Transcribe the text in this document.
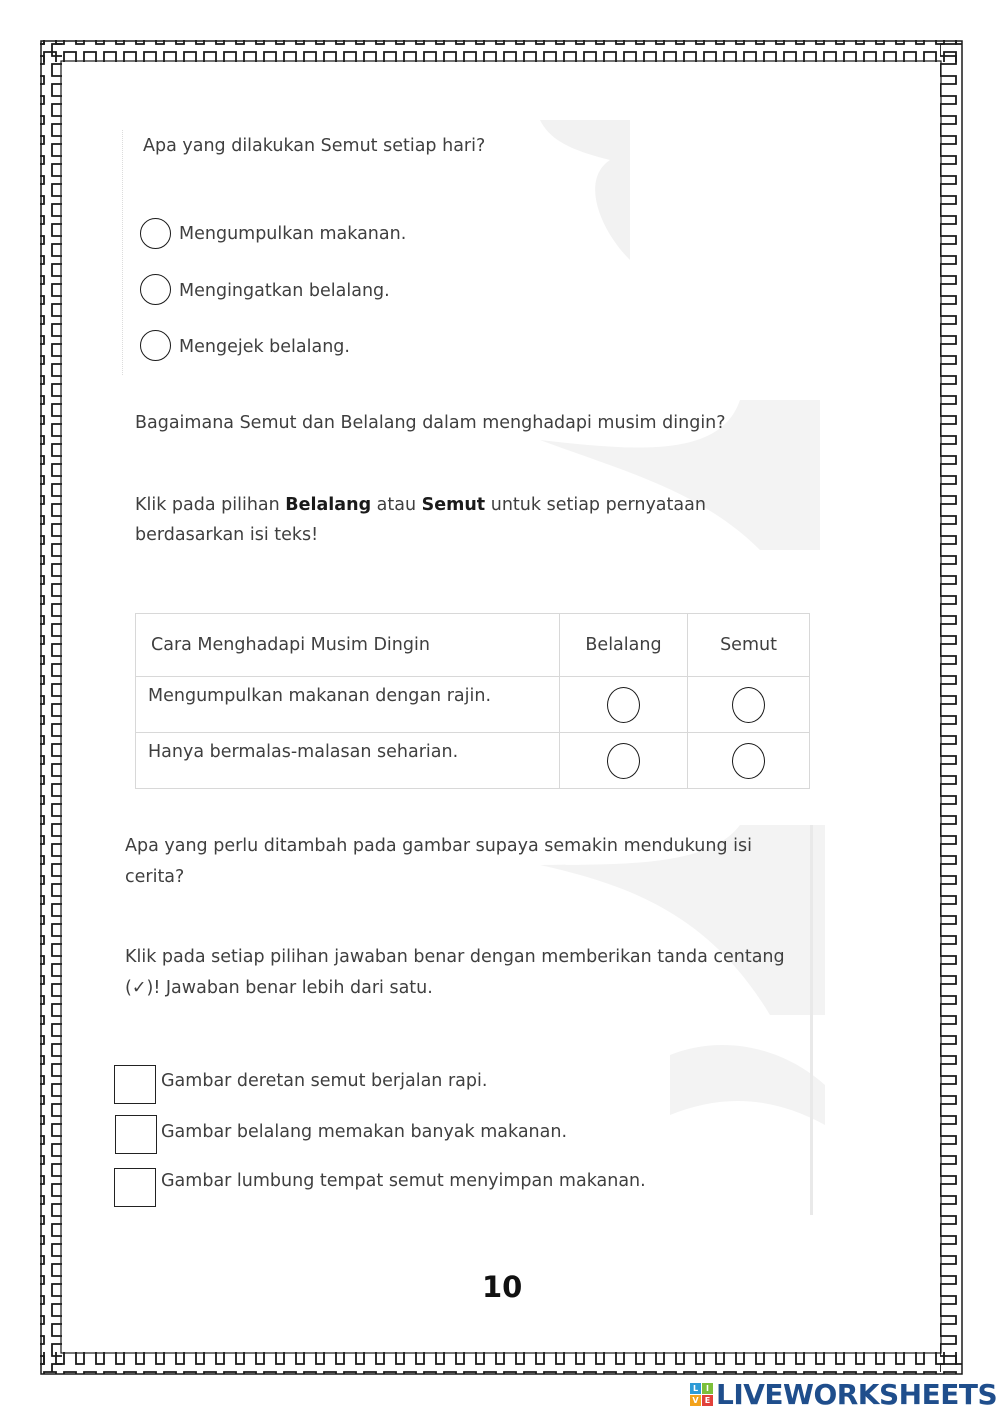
Apa yang dilakukan Semut setiap hari?
Mengumpulkan makanan.
Mengingatkan belalang.
Mengejek belalang.
Bagaimana Semut dan Belalang dalam menghadapi musim dingin?
Klik pada pilihan Belalang atau Semut untuk setiap pernyataan
berdasarkan isi teks!
Cara Menghadapi Musim Dingin	Belalang	Semut
Mengumpulkan makanan dengan rajin.		
Hanya bermalas-malasan seharian.		
Apa yang perlu ditambah pada gambar supaya semakin mendukung isi
cerita?
Klik pada setiap pilihan jawaban benar dengan memberikan tanda centang
(✓)! Jawaban benar lebih dari satu.
Gambar deretan semut berjalan rapi.
Gambar belalang memakan banyak makanan.
Gambar lumbung tempat semut menyimpan makanan.
10
L I
V E LIVEWORKSHEETS
